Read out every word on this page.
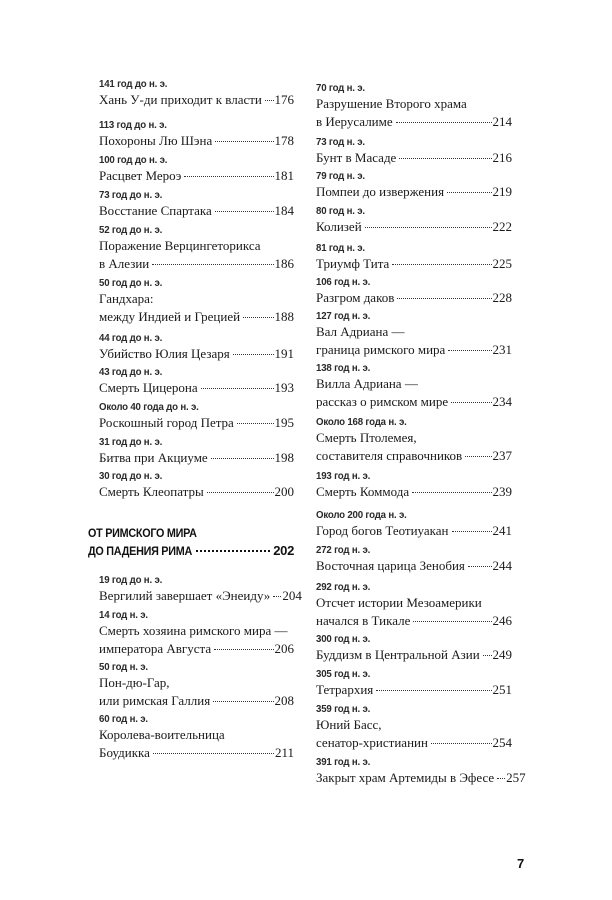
141 год до н. э.
Хань У-ди приходит к власти 176
113 год до н. э.
Похороны Лю Шэна	178
100 год до н. э.
Расцвет Мероэ	181
73 год до н. э.
Восстание Спартака	184
52 год до н. э.
Поражение Верцингеторикса
в Алезии	186
50 год до н. э.
Гандхара:
между Индией и Грецией	188
44 год до н. э.
Убийство Юлия Цезаря	191
43 год до н. э.
Смерть Цицерона	193
Около 40 года до н. э.
Роскошный город Петра	195
31 год до н. э.
Битва при Акциуме	198
30 год до н. э.
Смерть Клеопатры	200
19 год до н. э.
Вергилий завершает «Энеиду» 204
14 год н. э.
Смерть хозяина римского мира —
императора Августа	206
50 год н. э.
Пон-дю-Гар,
или римская Галлия	208
60 год н. э.
Королева-воительница
Боудикка	211
ОТ РИМСКОГО МИРА
ДО ПАДЕНИЯ РИМА	202
70 год н. э.
Разрушение Второго храма
в Иерусалиме	214
73 год н. э.
Бунт в Масаде	216
79 год н. э.
Помпеи до извержения	219
80 год н. э.
Колизей	222
81 год н. э.
Триумф Тита	225
106 год н. э.
Разгром даков	228
127 год н. э.
Вал Адриана —
граница римского мира	231
138 год н. э.
Вилла Адриана —
рассказ о римском мире	234
Около 168 года н. э.
Смерть Птолемея,
составителя справочников 237
193 год н. э.
Смерть Коммода	239
Около 200 года н. э.
Город богов Теотиуакан	241
272 год н. э.
Восточная царица Зенобия 244
292 год н. э.
Отсчет истории Мезоамерики
начался в Тикале	246
300 год н. э.
Буддизм в Центральной Азии 249
305 год н. э.
Тетрархия	251
359 год н. э.
Юний Басс,
сенатор-христианин	254
391 год н. э.
Закрыт храм Артемиды в Эфесе 257
7
